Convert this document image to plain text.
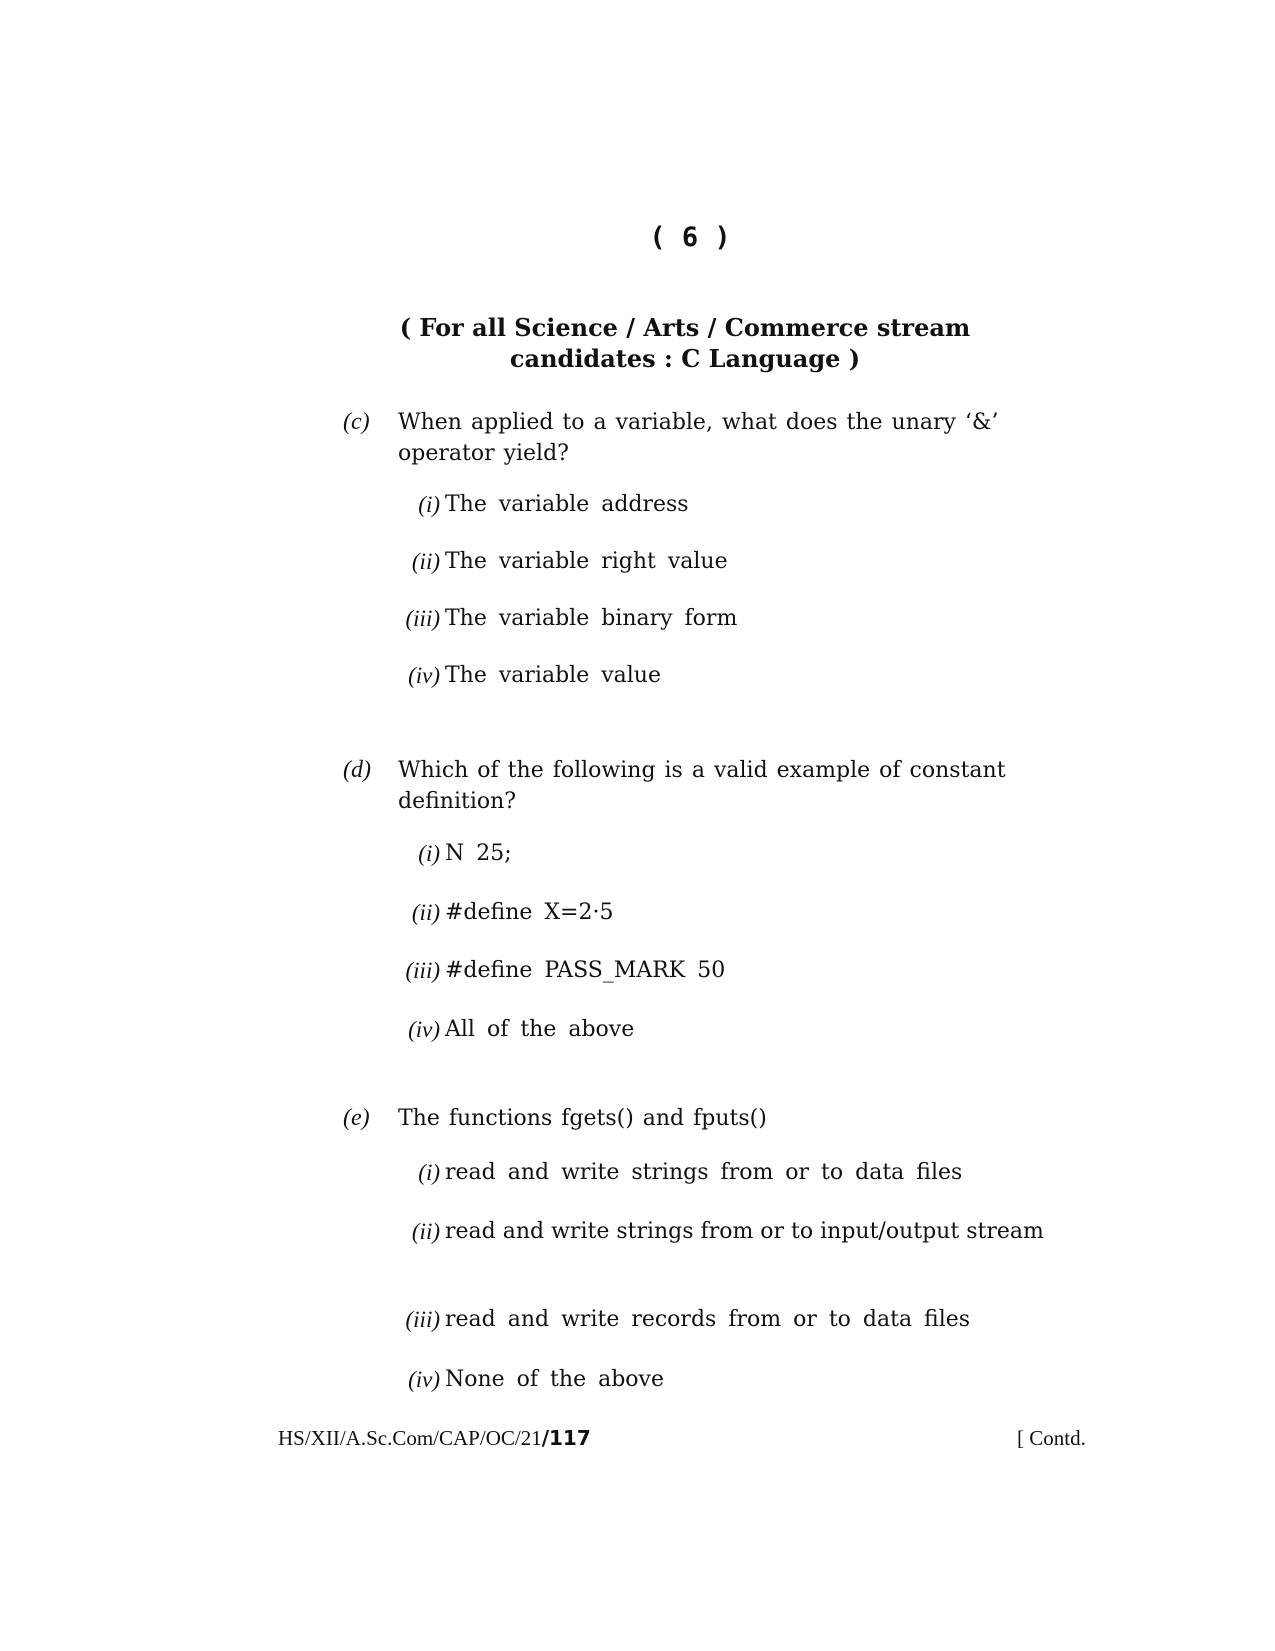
( 6 )
( For all Science / Arts / Commerce stream
candidates : C Language )
(c) When applied to a variable, what does the unary ‘&’ operator yield?
(i) The variable address
(ii) The variable right value
(iii) The variable binary form
(iv) The variable value
(d) Which of the following is a valid example of constant definition?
(i) N 25;
(ii) #define X=2·5
(iii) #define PASS_MARK 50
(iv) All of the above
(e) The functions fgets() and fputs()
(i) read and write strings from or to data files
(ii) read and write strings from or to input/output stream
(iii) read and write records from or to data files
(iv) None of the above
HS/XII/A.Sc.Com/CAP/OC/21/117	[ Contd.
